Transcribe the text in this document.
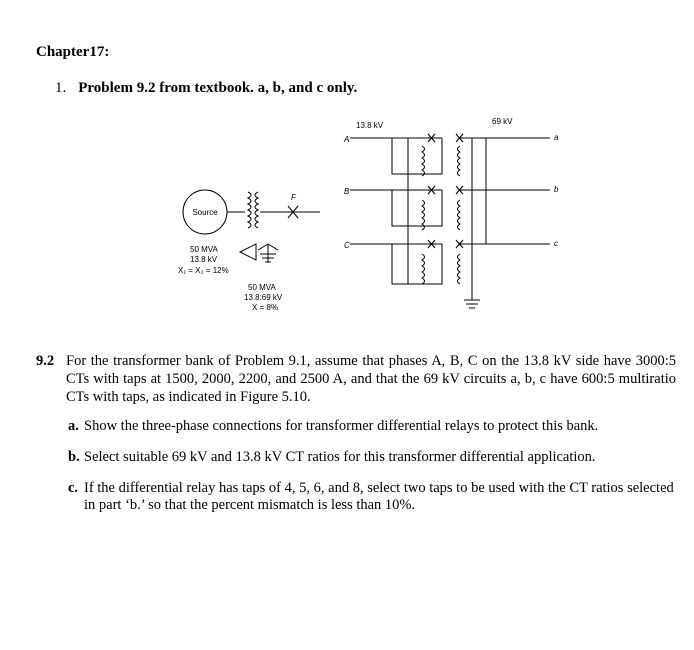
Chapter17:
1. Problem 9.2 from textbook. a, b, and c only.
Source
F
50 MVA
13.8 kV
X₁ = X₂ = 12%
50 MVA
13.8:69 kV
X = 8%
13.8 kV	69 kV
A
B
C
a
b
c
9.2 For the transformer bank of Problem 9.1, assume that phases A, B, C on the 13.8 kV side have 3000:5 CTs with taps at 1500, 2000, 2200, and 2500 A, and that the 69 kV circuits a, b, c have 600:5 multiratio CTs with taps, as indicated in Figure 5.10.
a. Show the three-phase connections for transformer differential relays to protect this bank.
b. Select suitable 69 kV and 13.8 kV CT ratios for this transformer differential application.
c. If the differential relay has taps of 4, 5, 6, and 8, select two taps to be used with the CT ratios selected in part ‘b.’ so that the percent mismatch is less than 10%.
